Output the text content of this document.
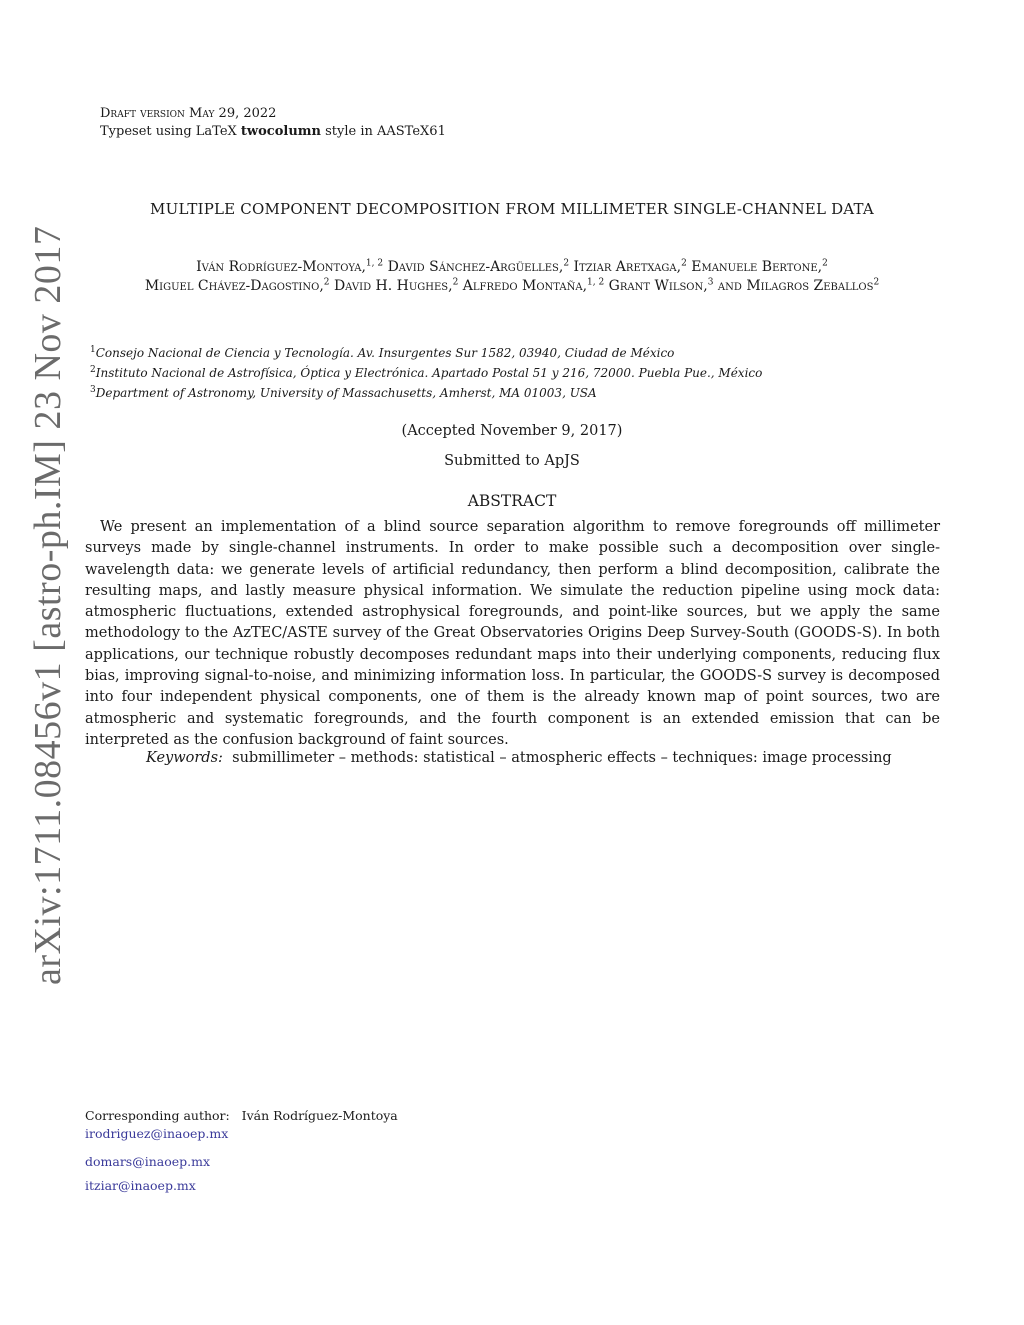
arXiv:1711.08456v1 [astro-ph.IM] 23 Nov 2017
Draft version May 29, 2022
Typeset using LaTeX twocolumn style in AASTeX61
MULTIPLE COMPONENT DECOMPOSITION FROM MILLIMETER SINGLE-CHANNEL DATA
Iván Rodríguez-Montoya,$^{1, 2}$ David Sánchez-Argüelles,$^2$ Itziar Aretxaga,$^2$ Emanuele Bertone,$^2$
Miguel Chávez-Dagostino,$^2$ David H. Hughes,$^2$ Alfredo Montaña,$^{1, 2}$ Grant Wilson,$^3$ and Milagros Zeballos$^2$
$^1$Consejo Nacional de Ciencia y Tecnología. Av. Insurgentes Sur 1582, 03940, Ciudad de México
$^2$Instituto Nacional de Astrofísica, Óptica y Electrónica. Apartado Postal 51 y 216, 72000. Puebla Pue., México
$^3$Department of Astronomy, University of Massachusetts, Amherst, MA 01003, USA
(Accepted November 9, 2017)
Submitted to ApJS
ABSTRACT
We present an implementation of a blind source separation algorithm to remove foregrounds off millimeter surveys made by single-channel instruments. In order to make possible such a decomposition over single-wavelength data: we generate levels of artificial redundancy, then perform a blind decomposition, calibrate the resulting maps, and lastly measure physical information. We simulate the reduction pipeline using mock data: atmospheric fluctuations, extended astrophysical foregrounds, and point-like sources, but we apply the same methodology to the AzTEC/ASTE survey of the Great Observatories Origins Deep Survey-South (GOODS-S). In both applications, our technique robustly decomposes redundant maps into their underlying components, reducing flux bias, improving signal-to-noise, and minimizing information loss. In particular, the GOODS-S survey is decomposed into four independent physical components, one of them is the already known map of point sources, two are atmospheric and systematic foregrounds, and the fourth component is an extended emission that can be interpreted as the confusion background of faint sources.
Keywords: submillimeter – methods: statistical – atmospheric effects – techniques: image processing
Corresponding author: Iván Rodríguez-Montoya
irodriguez@inaoep.mx
domars@inaoep.mx
itziar@inaoep.mx
